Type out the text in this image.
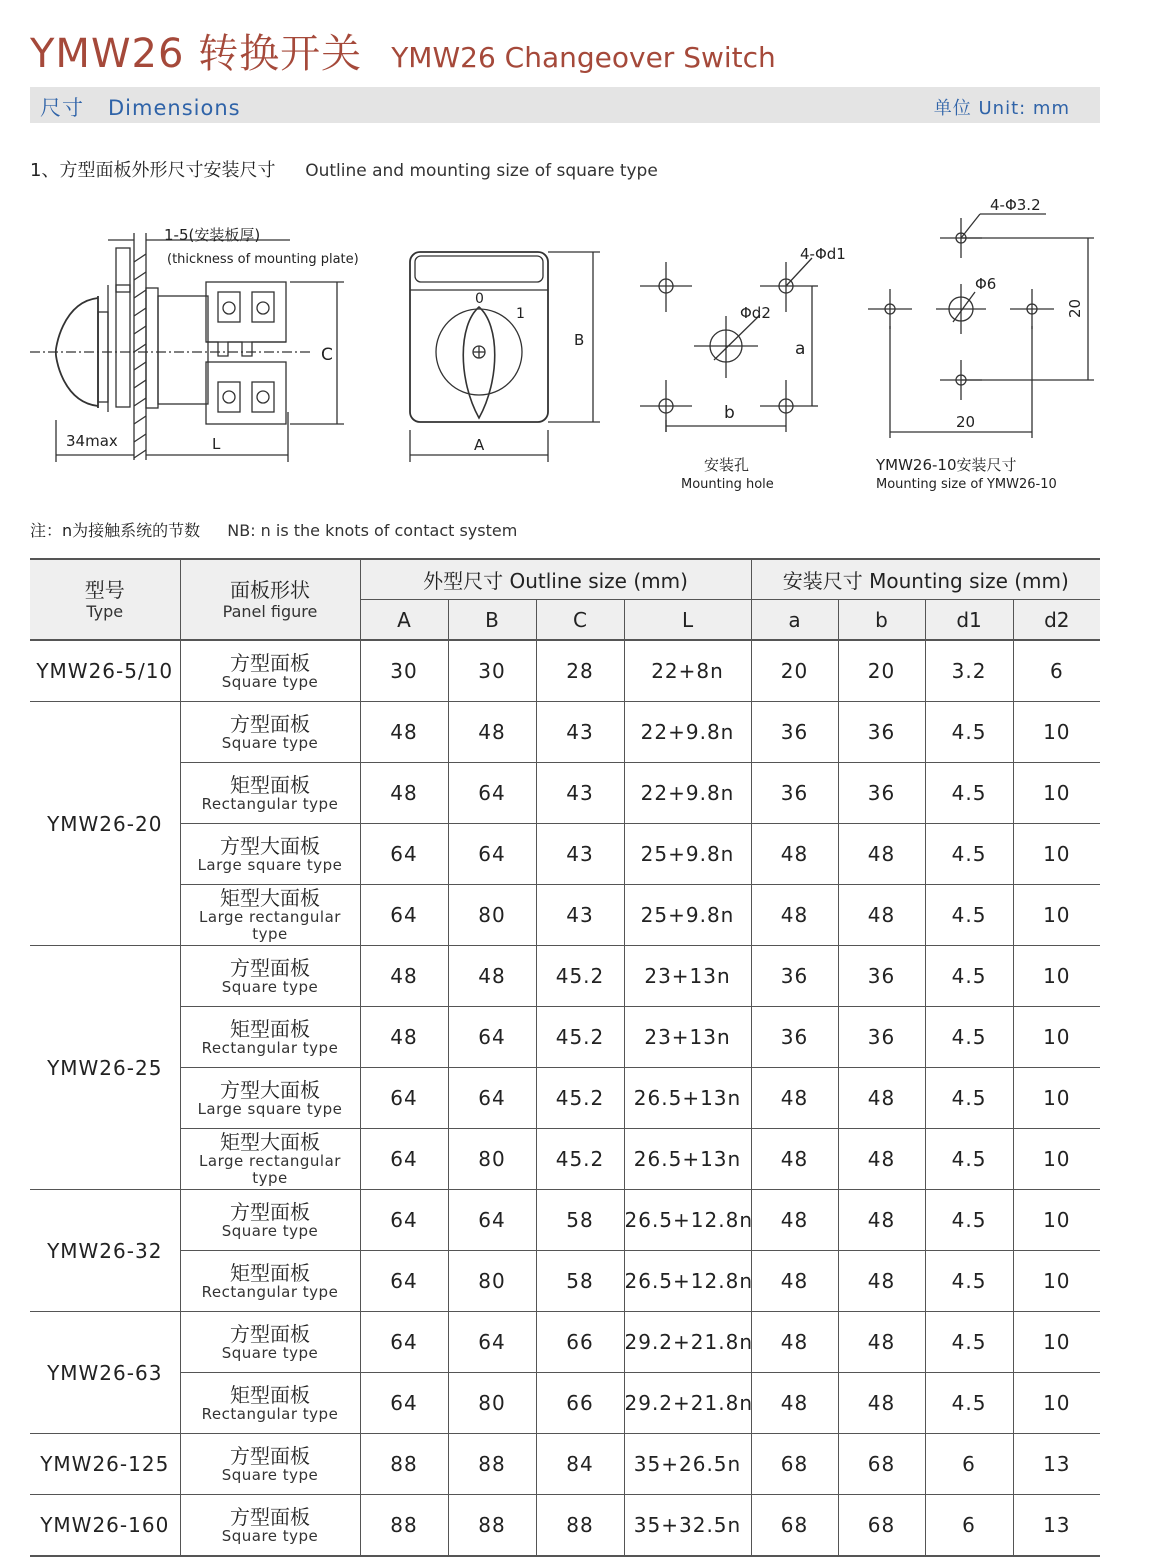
YMW26 转换开关 YMW26 Changeover Switch
尺寸 Dimensions	单位 Unit: mm
1、方型面板外形尺寸安装尺寸 Outline and mounting size of square type
1-5(安装板厚)
(thickness of mounting plate)
34max	L
C
B
A
0
1
4-Φd1
Φd2
a
b
安装孔
Mounting hole
4-Φ3.2
Φ6
20
20
YMW26-10安装尺寸
Mounting size of YMW26-10
注：n为接触系统的节数 NB: n is the knots of contact system
型号
Type	面板形状
Panel figure	外型尺寸 Outline size (mm)				安装尺寸 Mounting size (mm)			
		A	B	C	L	a	b	d1	d2
YMW26-5/10	方型面板
Square type	30	30	28	22+8n	20	20	3.2	6
YMW26-20	方型面板
Square type	48	48	43	22+9.8n	36	36	4.5	10

	矩型面板
Rectangular type	48	64	43	22+9.8n	36	36	4.5	10

	方型大面板
Large square type	64	64	43	25+9.8n	48	48	4.5	10

	矩型大面板
Large rectangular type	64	80	43	25+9.8n	48	48	4.5	10
YMW26-25	方型面板
Square type	48	48	45.2	23+13n	36	36	4.5	10

	矩型面板
Rectangular type	48	64	45.2	23+13n	36	36	4.5	10

	方型大面板
Large square type	64	64	45.2	26.5+13n	48	48	4.5	10

	矩型大面板
Large rectangular type	64	80	45.2	26.5+13n	48	48	4.5	10
YMW26-32	方型面板
Square type	64	64	58	26.5+12.8n	48	48	4.5	10

	矩型面板
Rectangular type	64	80	58	26.5+12.8n	48	48	4.5	10
YMW26-63	方型面板
Square type	64	64	66	29.2+21.8n	48	48	4.5	10

	矩型面板
Rectangular type	64	80	66	29.2+21.8n	48	48	4.5	10
YMW26-125	方型面板
Square type	88	88	84	35+26.5n	68	68	6	13
YMW26-160	方型面板
Square type	88	88	88	35+32.5n	68	68	6	13
